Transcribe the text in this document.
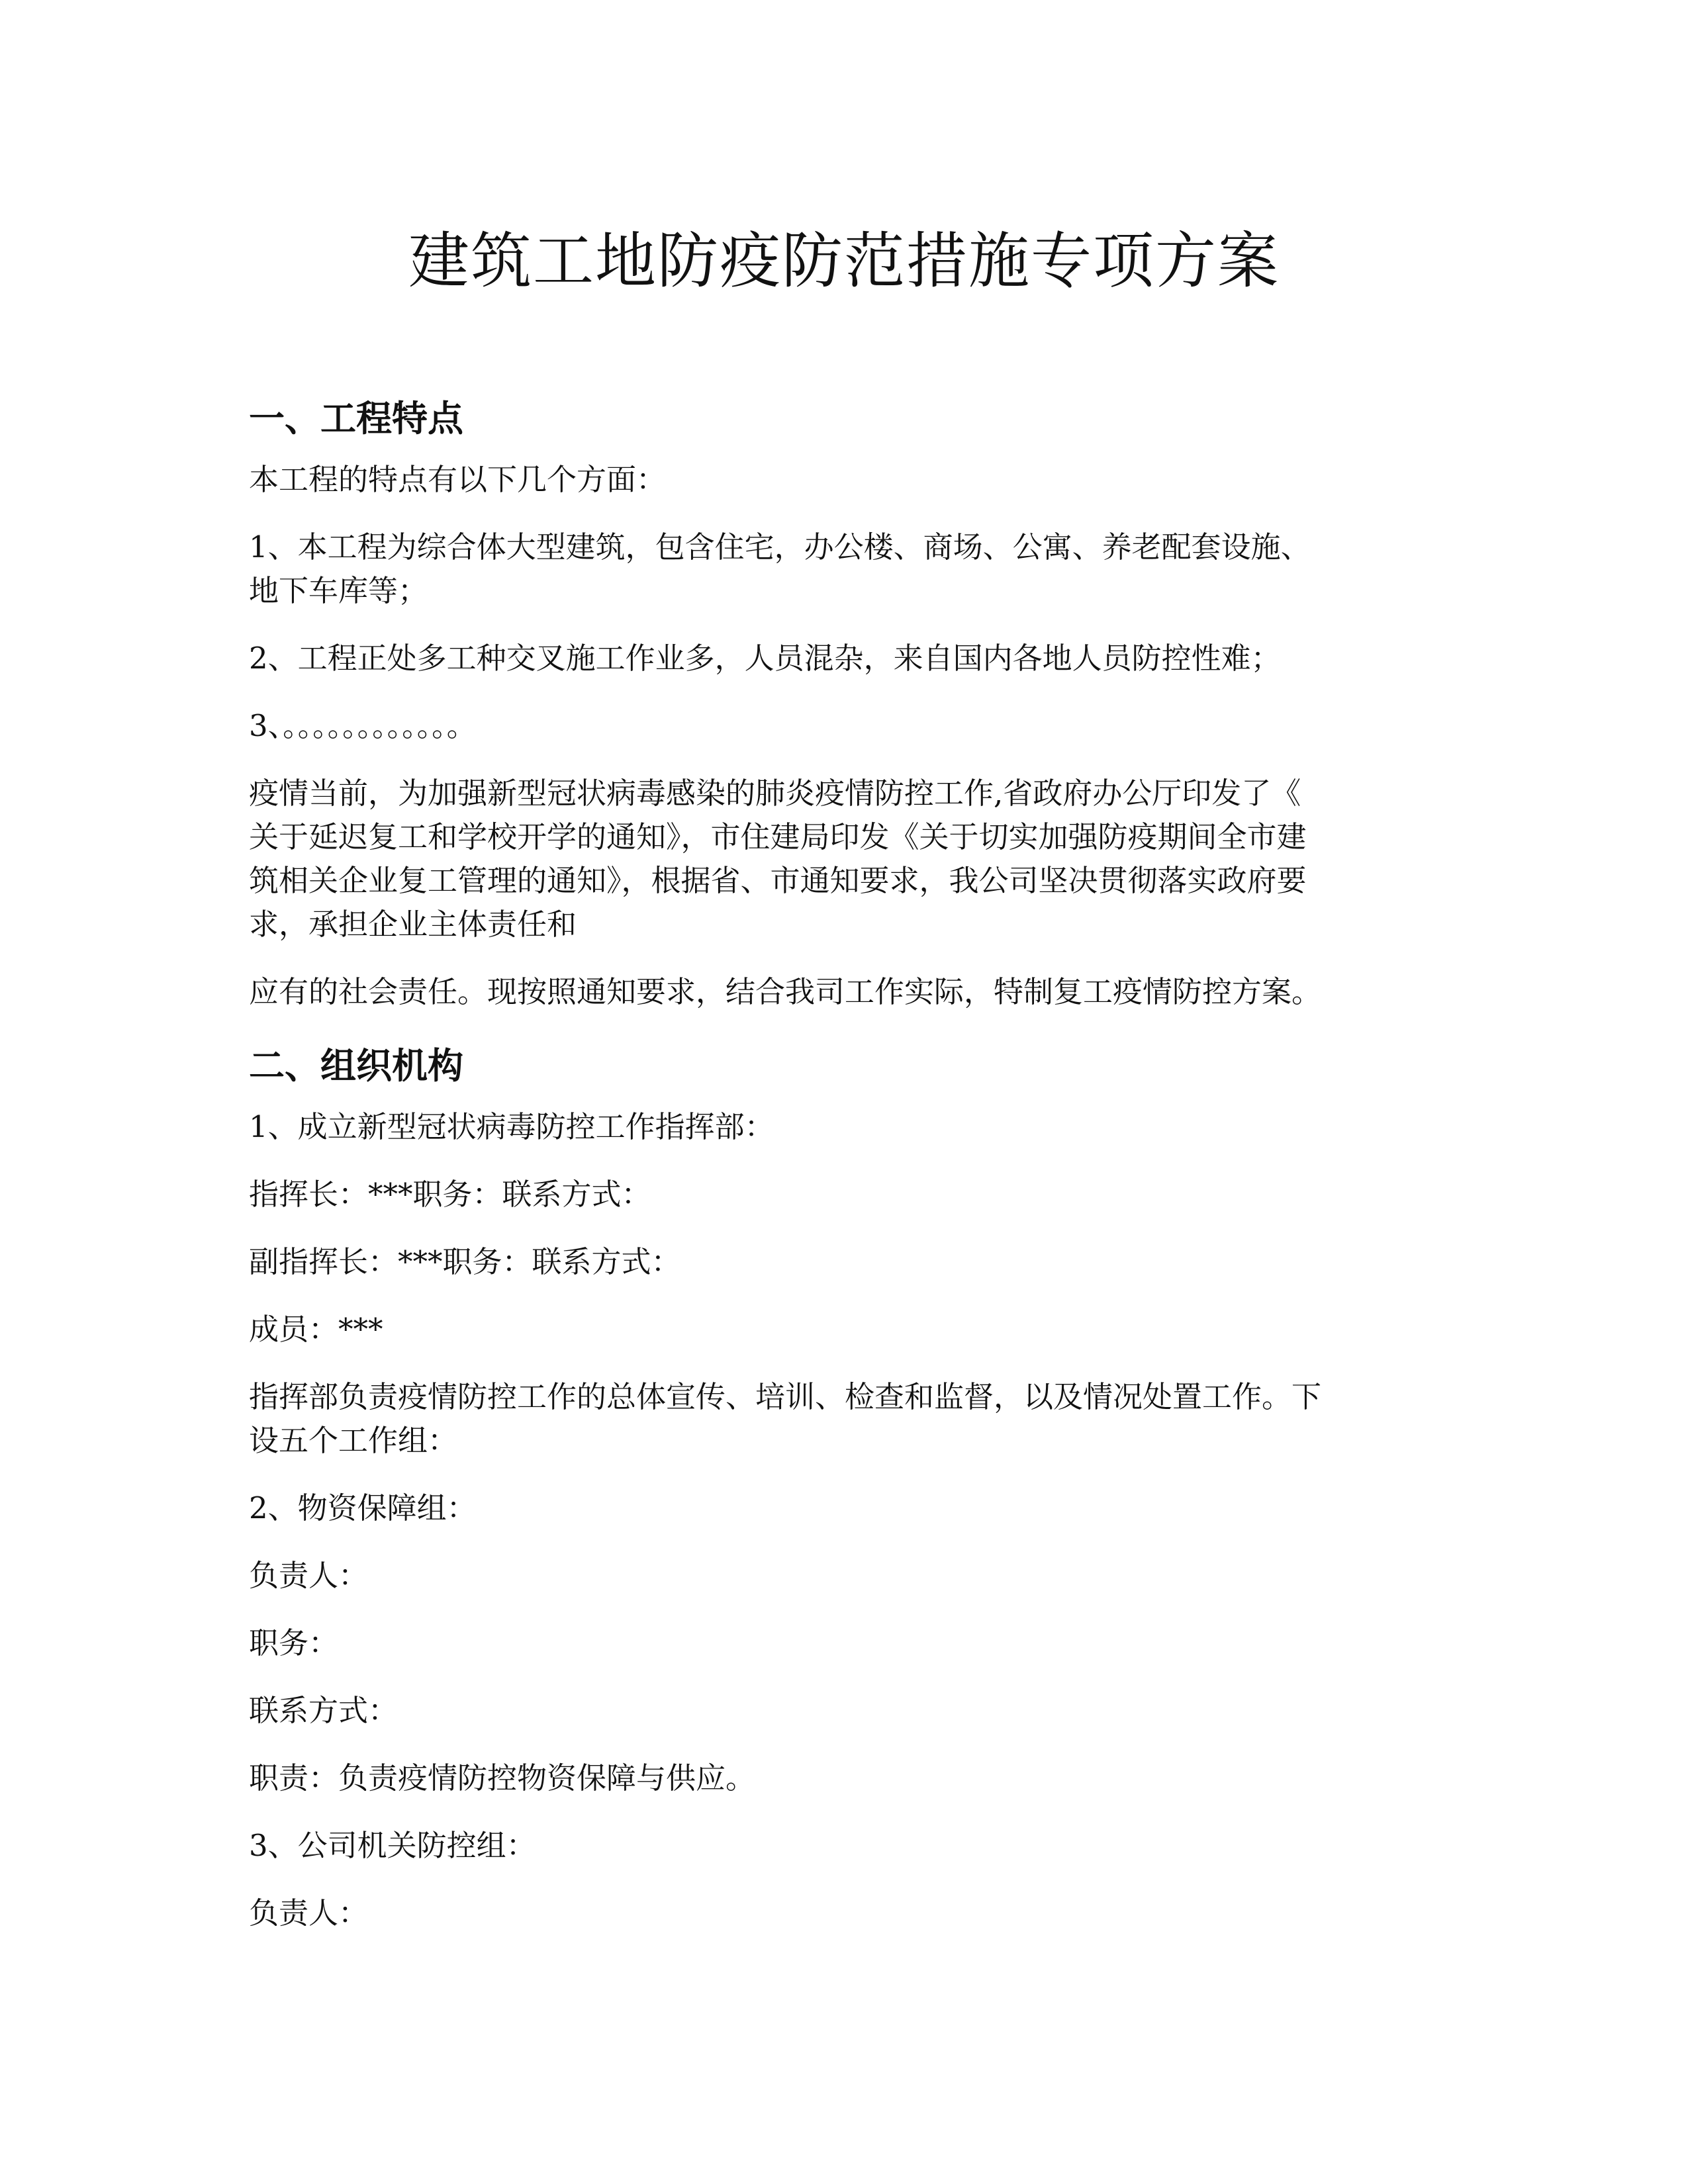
建筑工地防疫防范措施专项方案
一、工程特点
本工程的特点有以下几个方面：
1、本工程为综合体大型建筑，包含住宅，办公楼、商场、公寓、养老配套设施、
地下车库等；
2、工程正处多工种交叉施工作业多，人员混杂，来自国内各地人员防控性难；
3、。。。。。。。。。。。。
疫情当前，为加强新型冠状病毒感染的肺炎疫情防控工作,省政府办公厅印发了《
关于延迟复工和学校开学的通知》，市住建局印发《关于切实加强防疫期间全市建
筑相关企业复工管理的通知》，根据省、市通知要求，我公司坚决贯彻落实政府要
求，承担企业主体责任和
应有的社会责任。现按照通知要求，结合我司工作实际，特制复工疫情防控方案。
二、组织机构
1、成立新型冠状病毒防控工作指挥部：
指挥长：***职务：联系方式：
副指挥长：***职务：联系方式：
成员：***
指挥部负责疫情防控工作的总体宣传、培训、检查和监督，以及情况处置工作。下
设五个工作组：
2、物资保障组：
负责人：
职务：
联系方式：
职责：负责疫情防控物资保障与供应。
3、公司机关防控组：
负责人：
